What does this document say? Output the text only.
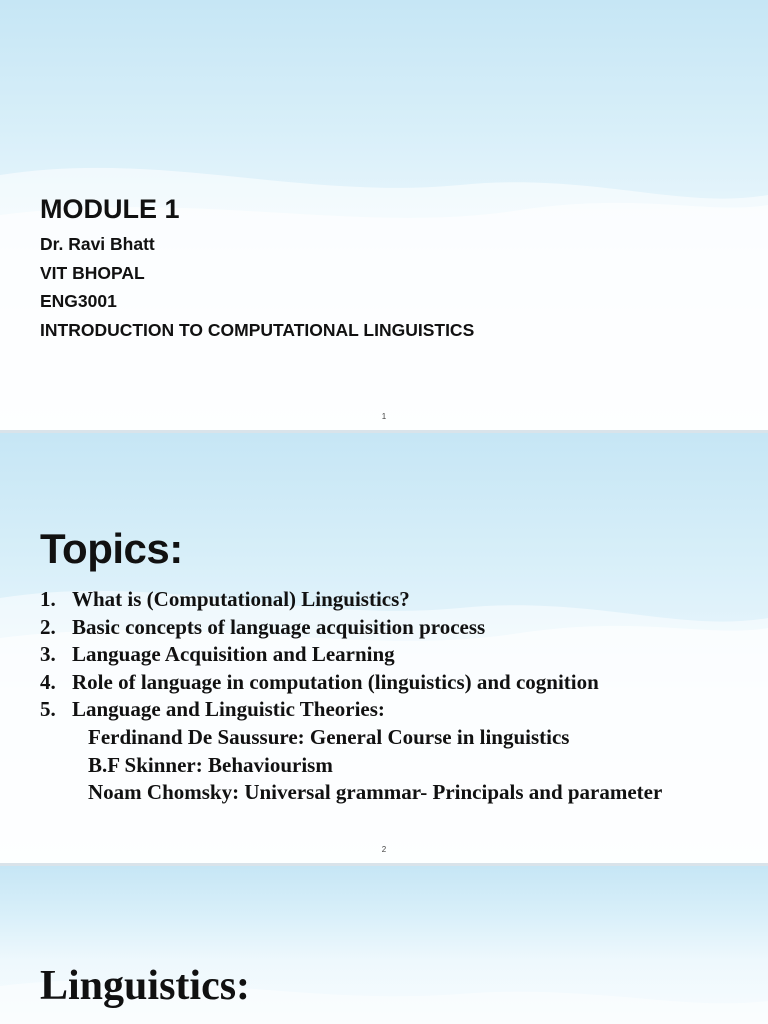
MODULE 1
Dr. Ravi Bhatt
VIT BHOPAL
ENG3001
INTRODUCTION TO COMPUTATIONAL LINGUISTICS
1
Topics:
1. What is (Computational) Linguistics?
2. Basic concepts of language acquisition process
3. Language Acquisition and Learning
4. Role of language in computation (linguistics) and cognition
5. Language and Linguistic Theories:
Ferdinand De Saussure: General Course in linguistics
B.F Skinner: Behaviourism
Noam Chomsky: Universal grammar- Principals and parameter
2
Linguistics:
